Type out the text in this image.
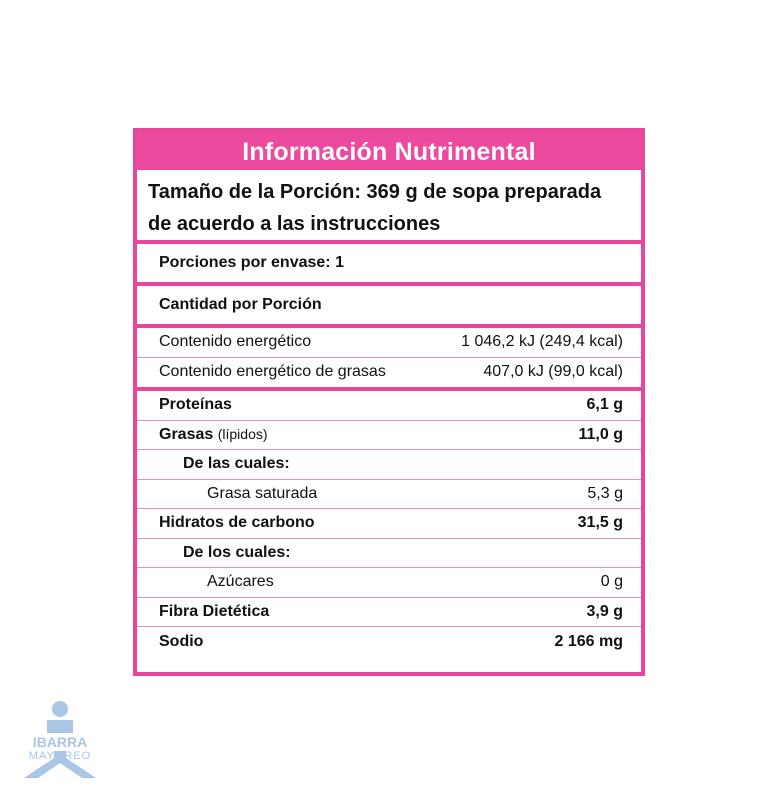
Información Nutrimental
Tamaño de la Porción: 369 g de sopa preparada de acuerdo a las instrucciones
Porciones por envase: 1
Cantidad por Porción
Contenido energético	1 046,2 kJ (249,4 kcal)
Contenido energético de grasas	407,0 kJ (99,0 kcal)
Proteínas	6,1 g
Grasas (lípidos)	11,0 g
De las cuales:
Grasa saturada	5,3 g
Hidratos de carbono	31,5 g
De los cuales:
Azúcares	0 g
Fibra Dietética	3,9 g
Sodio	2 166 mg
IBARRA
MAYOREO
